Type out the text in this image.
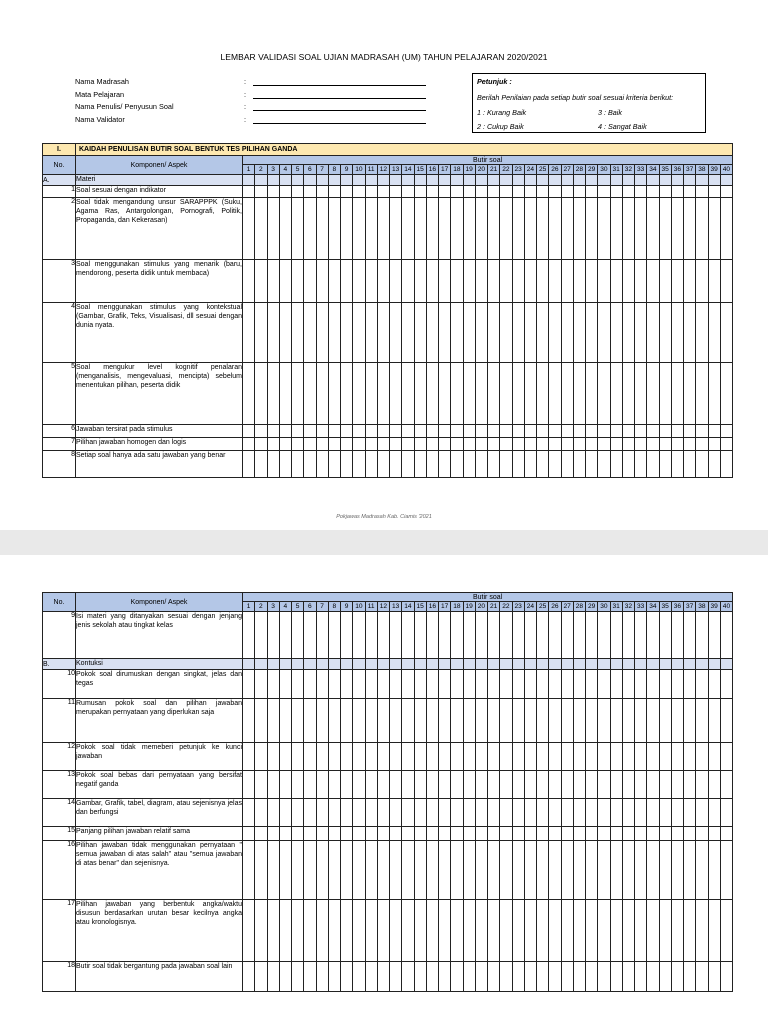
LEMBAR VALIDASI SOAL UJIAN MADRASAH (UM) TAHUN PELAJARAN 2020/2021
Nama Madrasah	:
Mata Pelajaran	:
Nama Penulis/ Penyusun Soal	:
Nama Validator	:
Petunjuk :
Berilah Penilaian pada setiap butir soal sesuai kriteria berikut:
1 : Kurang Baik	3 : Baik
2 : Cukup Baik	4 : Sangat Baik
I.	KAIDAH PENULISAN BUTIR SOAL BENTUK TES PILIHAN GANDA																																								
No.	Komponen/ Aspek	Butir soal																																							
		1	2	3	4	5	6	7	8	9	10	11	12	13	14	15	16	17	18	19	20	21	22	23	24	25	26	27	28	29	30	31	32	33	34	35	36	37	38	39	40
A.	Materi																																								
1	Soal sesuai dengan indikator																																								
2	Soal tidak mengandung unsur SARAPPPK (Suku, Agama Ras, Antargolongan, Pornografi, Politik, Propaganda, dan Kekerasan)																																								
3	Soal menggunakan stimulus yang menarik (baru, mendorong, peserta didik untuk membaca)																																								
4	Soal menggunakan stimulus yang kontekstual (Gambar, Grafik, Teks, Visualisasi, dll sesuai dengan dunia nyata.																																								
5	Soal mengukur level kognitif penalaran (menganalisis, mengevaluasi, mencipta) sebelum menentukan pilihan, peserta didik																																								
6	Jawaban tersirat pada stimulus																																								
7	Pilihan jawaban homogen dan logis																																								
8	Setiap soal hanya ada satu jawaban yang benar																																								
Pokjawas Madrasah Kab. Ciamis '2021
No.	Komponen/ Aspek	Butir soal																																							
		1	2	3	4	5	6	7	8	9	10	11	12	13	14	15	16	17	18	19	20	21	22	23	24	25	26	27	28	29	30	31	32	33	34	35	36	37	38	39	40
9	Isi materi yang ditanyakan sesuai dengan jenjang jenis sekolah atau tingkat kelas																																								
B.	Kontuksi																																								
10	Pokok soal dirumuskan dengan singkat, jelas dan tegas																																								
11	Rumusan pokok soal dan pilihan jawaban merupakan pernyataan yang diperlukan saja																																								
12	Pokok soal tidak memeberi petunjuk ke kunci jawaban																																								
13	Pokok soal bebas dari pernyataan yang bersifat negatif ganda																																								
14	Gambar, Grafik, tabel, diagram, atau sejenisnya jelas dan berfungsi																																								
15	Panjang pilihan jawaban relatif sama																																								
16	Pilihan jawaban tidak menggunakan pernyataan " semua jawaban di atas salah" atau "semua jawaban di atas benar" dan sejenisnya.																																								
17	Pilihan jawaban yang berbentuk angka/waktu disusun berdasarkan urutan besar kecilnya angka atau kronologisnya.																																								
18	Butir soal tidak bergantung pada jawaban soal lain																																								
